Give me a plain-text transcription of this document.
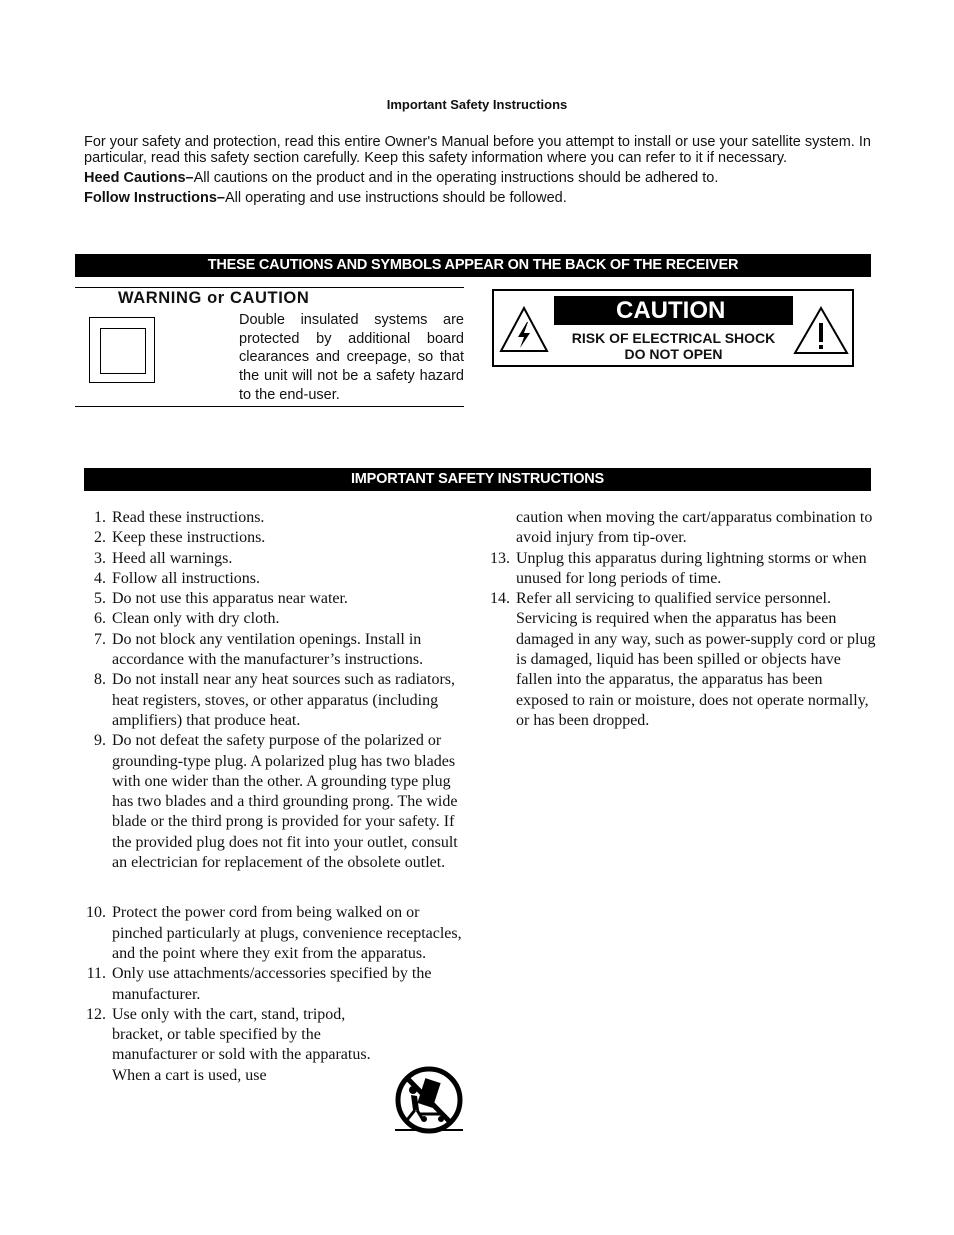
Important Safety Instructions

For your safety and protection, read this entire Owner's Manual before you attempt to install or use your satellite system. In particular, read this safety section carefully. Keep this safety information where you can refer to it if necessary.

Heed Cautions–All cautions on the product and in the operating instructions should be adhered to.

Follow Instructions–All operating and use instructions should be followed.

THESE CAUTIONS AND SYMBOLS APPEAR ON THE BACK OF THE RECEIVER
WARNING or CAUTION
Double insulated systems are protected by additional board clearances and creepage, so that the unit will not be a safety hazard to the end-user.
CAUTION
RISK OF ELECTRICAL SHOCK
DO NOT OPEN
IMPORTANT SAFETY INSTRUCTIONS
1. Read these instructions.
2. Keep these instructions.
3. Heed all warnings.
4. Follow all instructions.
5. Do not use this apparatus near water.
6. Clean only with dry cloth.
7. Do not block any ventilation openings. Install in accordance with the manufacturer’s instructions.
8. Do not install near any heat sources such as radiators, heat registers, stoves, or other apparatus (including amplifiers) that produce heat.
9. Do not defeat the safety purpose of the polarized or grounding-type plug. A polarized plug has two blades with one wider than the other. A grounding type plug has two blades and a third grounding prong. The wide blade or the third prong is provided for your safety. If the provided plug does not fit into your outlet, consult an electrician for replacement of the obsolete outlet.
10. Protect the power cord from being walked on or pinched particularly at plugs, convenience receptacles, and the point where they exit from the apparatus.
11. Only use attachments/accessories specified by the manufacturer.
12. Use only with the cart, stand, tripod, bracket, or table specified by the manufacturer or sold with the apparatus. When a cart is used, use
caution when moving the cart/apparatus combination to avoid injury from tip-over.
13. Unplug this apparatus during lightning storms or when unused for long periods of time.
14. Refer all servicing to qualified service personnel. Servicing is required when the apparatus has been damaged in any way, such as power-supply cord or plug is damaged, liquid has been spilled or objects have fallen into the apparatus, the apparatus has been exposed to rain or moisture, does not operate normally, or has been dropped.
